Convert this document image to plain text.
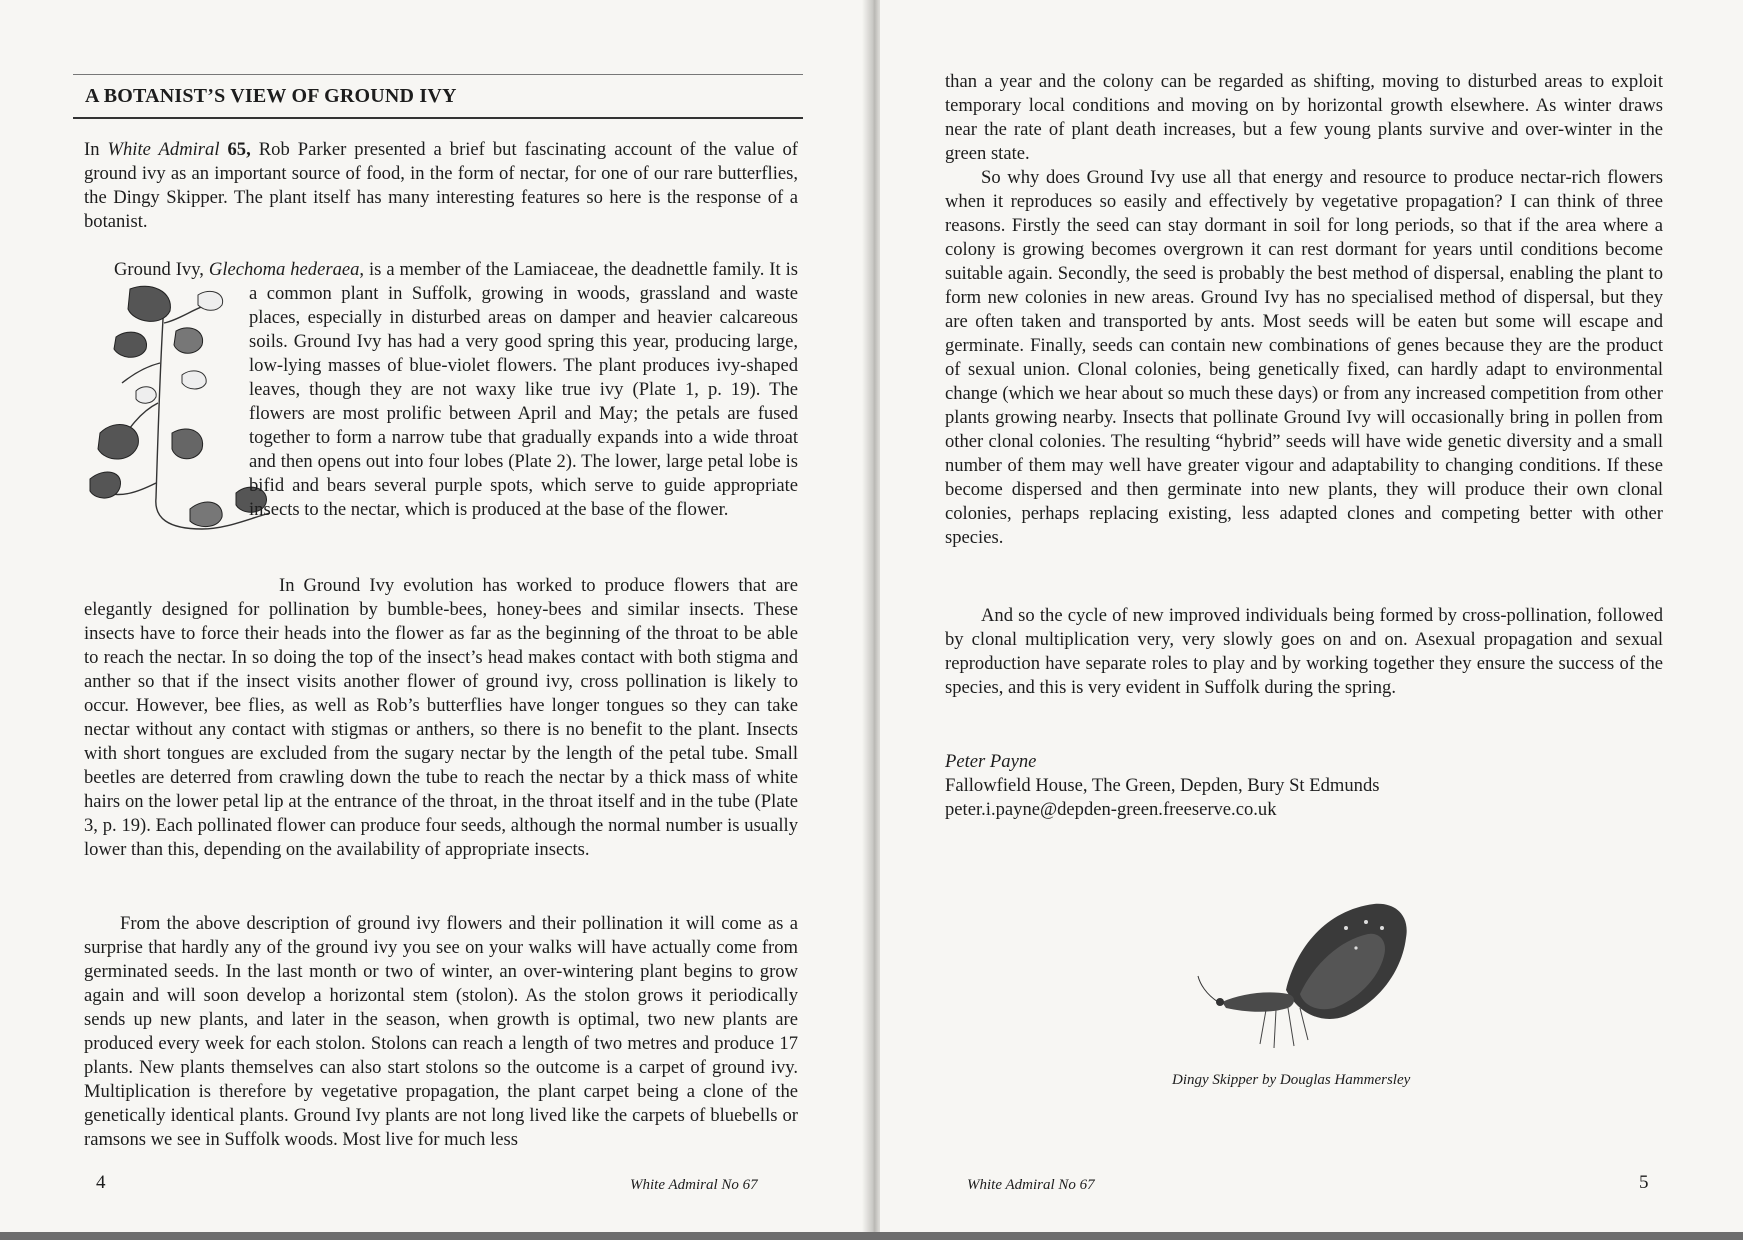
A BOTANIST’S VIEW OF GROUND IVY

In White Admiral 65, Rob Parker presented a brief but fascinating account of the value of ground ivy as an important source of food, in the form of nectar, for one of our rare butterflies, the Dingy Skipper. The plant itself has many interesting features so here is the response of a botanist.

Ground Ivy, Glechoma hederaea, is a member of the Lamiaceae, the deadnettle family. It is a common plant in Suffolk, growing in woods, grassland and waste places, especially in disturbed areas on damper and heavier calcareous soils. Ground Ivy has had a very good spring this year, producing large, low-lying masses of blue-violet flowers. The plant produces ivy-shaped leaves, though they are not waxy like true ivy (Plate 1, p. 19). The flowers are most prolific between April and May; the petals are fused together to form a narrow tube that gradually expands into a wide throat and then opens out into four lobes (Plate 2). The lower, large petal lobe is bifid and bears several purple spots, which serve to guide appropriate insects to the nectar, which is produced at the base of the flower.

In Ground Ivy evolution has worked to produce flowers that are elegantly designed for pollination by bumble-bees, honey-bees and similar insects. These insects have to force their heads into the flower as far as the beginning of the throat to be able to reach the nectar. In so doing the top of the insect’s head makes contact with both stigma and anther so that if the insect visits another flower of ground ivy, cross pollination is likely to occur. However, bee flies, as well as Rob’s butterflies have longer tongues so they can take nectar without any contact with stigmas or anthers, so there is no benefit to the plant. Insects with short tongues are excluded from the sugary nectar by the length of the petal tube. Small beetles are deterred from crawling down the tube to reach the nectar by a thick mass of white hairs on the lower petal lip at the entrance of the throat, in the throat itself and in the tube (Plate 3, p. 19). Each pollinated flower can produce four seeds, although the normal number is usually lower than this, depending on the availability of appropriate insects.

From the above description of ground ivy flowers and their pollination it will come as a surprise that hardly any of the ground ivy you see on your walks will have actually come from germinated seeds. In the last month or two of winter, an over-wintering plant begins to grow again and will soon develop a horizontal stem (stolon). As the stolon grows it periodically sends up new plants, and later in the season, when growth is optimal, two new plants are produced every week for each stolon. Stolons can reach a length of two metres and produce 17 plants. New plants themselves can also start stolons so the outcome is a carpet of ground ivy. Multiplication is therefore by vegetative propagation, the plant carpet being a clone of the genetically identical plants. Ground Ivy plants are not long lived like the carpets of bluebells or ramsons we see in Suffolk woods. Most live for much less

4	White Admiral No 67

than a year and the colony can be regarded as shifting, moving to disturbed areas to exploit temporary local conditions and moving on by horizontal growth elsewhere. As winter draws near the rate of plant death increases, but a few young plants survive and over-winter in the green state.

So why does Ground Ivy use all that energy and resource to produce nectar-rich flowers when it reproduces so easily and effectively by vegetative propagation? I can think of three reasons. Firstly the seed can stay dormant in soil for long periods, so that if the area where a colony is growing becomes overgrown it can rest dormant for years until conditions become suitable again. Secondly, the seed is probably the best method of dispersal, enabling the plant to form new colonies in new areas. Ground Ivy has no specialised method of dispersal, but they are often taken and transported by ants. Most seeds will be eaten but some will escape and germinate. Finally, seeds can contain new combinations of genes because they are the product of sexual union. Clonal colonies, being genetically fixed, can hardly adapt to environmental change (which we hear about so much these days) or from any increased competition from other plants growing nearby. Insects that pollinate Ground Ivy will occasionally bring in pollen from other clonal colonies. The resulting “hybrid” seeds will have wide genetic diversity and a small number of them may well have greater vigour and adaptability to changing conditions. If these become dispersed and then germinate into new plants, they will produce their own clonal colonies, perhaps replacing existing, less adapted clones and competing better with other species.

And so the cycle of new improved individuals being formed by cross-pollination, followed by clonal multiplication very, very slowly goes on and on. Asexual propagation and sexual reproduction have separate roles to play and by working together they ensure the success of the species, and this is very evident in Suffolk during the spring.

Peter Payne

Fallowfield House, The Green, Depden, Bury St Edmunds

peter.i.payne@depden-green.freeserve.co.uk

Dingy Skipper by Douglas Hammersley
White Admiral No 67	5
